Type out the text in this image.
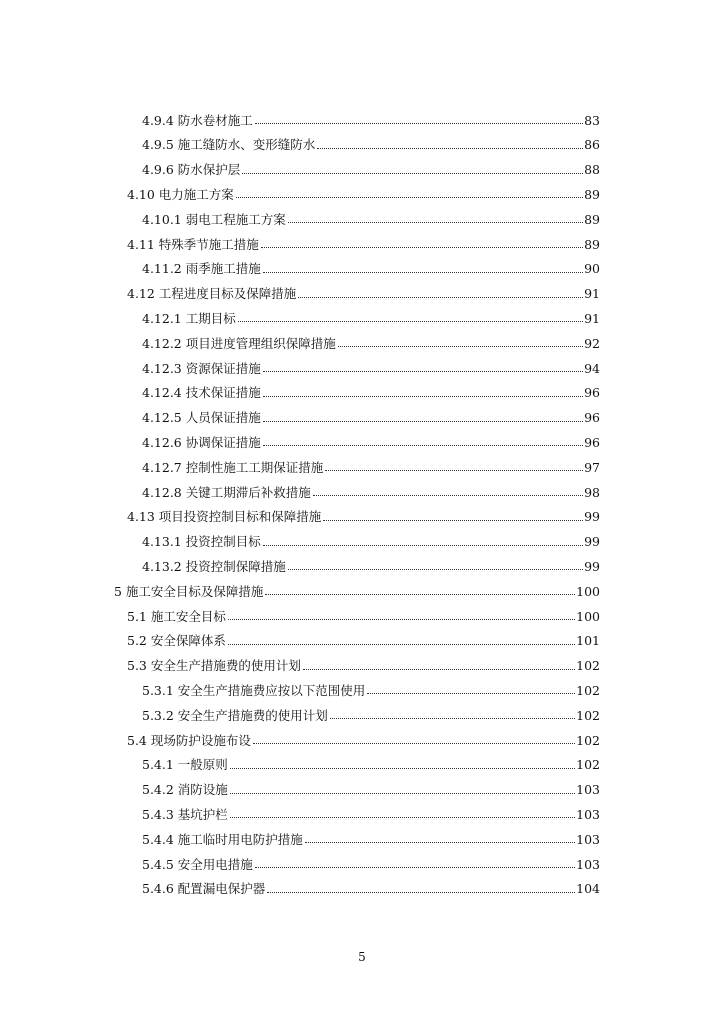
4.9.4 防水卷材施工	83
4.9.5 施工缝防水、变形缝防水	86
4.9.6 防水保护层	88
4.10 电力施工方案	89
4.10.1 弱电工程施工方案	89
4.11 特殊季节施工措施	89
4.11.2 雨季施工措施	90
4.12 工程进度目标及保障措施	91
4.12.1 工期目标	91
4.12.2 项目进度管理组织保障措施	92
4.12.3 资源保证措施	94
4.12.4 技术保证措施	96
4.12.5 人员保证措施	96
4.12.6 协调保证措施	96
4.12.7 控制性施工工期保证措施	97
4.12.8 关键工期滞后补救措施	98
4.13 项目投资控制目标和保障措施	99
4.13.1 投资控制目标	99
4.13.2 投资控制保障措施	99
5 施工安全目标及保障措施	100
5.1 施工安全目标	100
5.2 安全保障体系	101
5.3 安全生产措施费的使用计划	102
5.3.1 安全生产措施费应按以下范围使用	102
5.3.2 安全生产措施费的使用计划	102
5.4 现场防护设施布设	102
5.4.1 一般原则	102
5.4.2 消防设施	103
5.4.3 基坑护栏	103
5.4.4 施工临时用电防护措施	103
5.4.5 安全用电措施	103
5.4.6 配置漏电保护器	104
5
